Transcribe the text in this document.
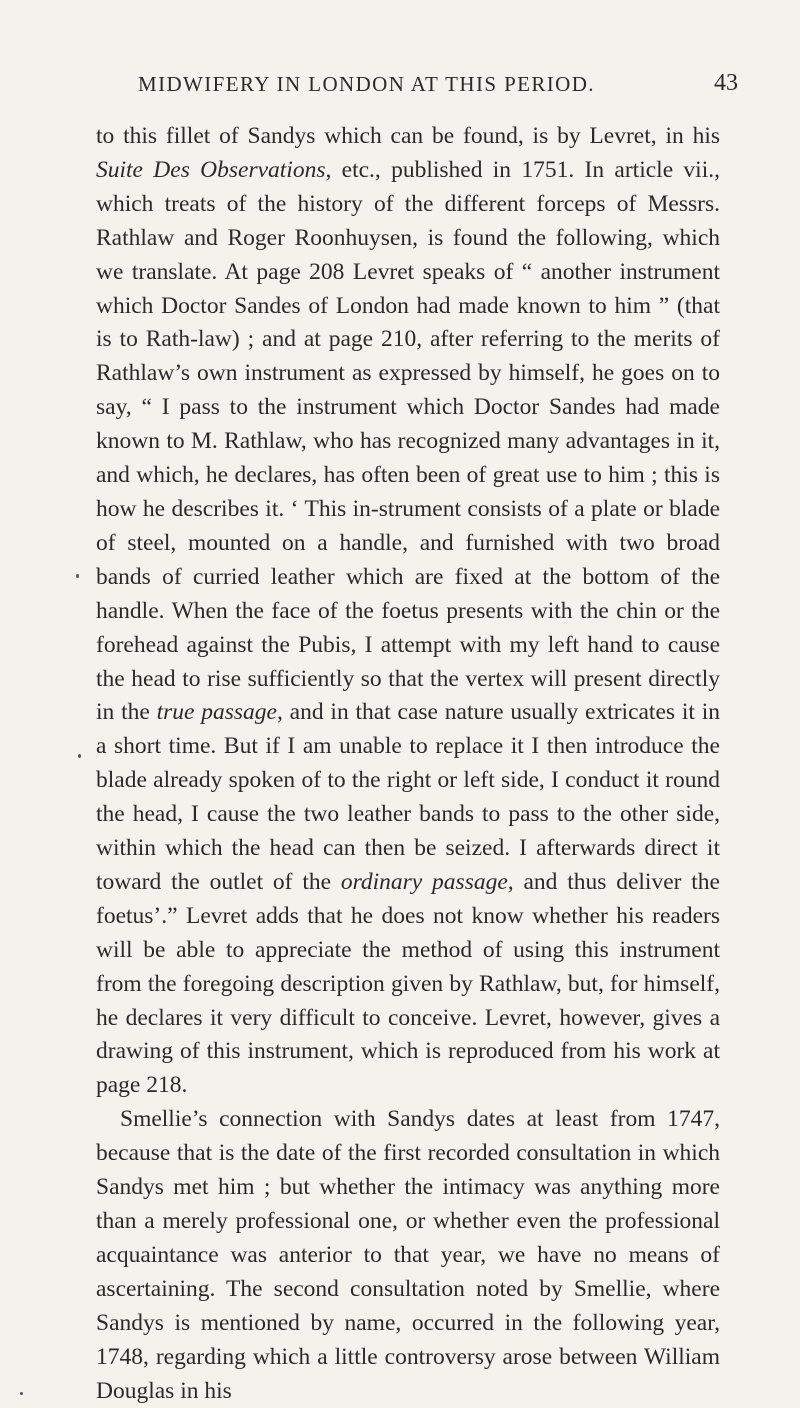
MIDWIFERY IN LONDON AT THIS PERIOD.	43

to this fillet of Sandys which can be found, is by Levret, in his Suite Des Observations, etc., published in 1751. In article vii., which treats of the history of the different forceps of Messrs. Rathlaw and Roger Roonhuysen, is found the following, which we translate. At page 208 Levret speaks of “ another instrument which Doctor Sandes of London had made known to him ” (that is to Rath-law) ; and at page 210, after referring to the merits of Rathlaw’s own instrument as expressed by himself, he goes on to say, “ I pass to the instrument which Doctor Sandes had made known to M. Rathlaw, who has recognized many advantages in it, and which, he declares, has often been of great use to him ; this is how he describes it. ‘ This in-strument consists of a plate or blade of steel, mounted on a handle, and furnished with two broad bands of curried leather which are fixed at the bottom of the handle. When the face of the foetus presents with the chin or the forehead against the Pubis, I attempt with my left hand to cause the head to rise sufficiently so that the vertex will present directly in the true passage, and in that case nature usually extricates it in a short time. But if I am unable to replace it I then introduce the blade already spoken of to the right or left side, I conduct it round the head, I cause the two leather bands to pass to the other side, within which the head can then be seized. I afterwards direct it toward the outlet of the ordinary passage, and thus deliver the foetus’.” Levret adds that he does not know whether his readers will be able to appreciate the method of using this instrument from the foregoing description given by Rathlaw, but, for himself, he declares it very difficult to conceive. Levret, however, gives a drawing of this instrument, which is reproduced from his work at page 218.

Smellie’s connection with Sandys dates at least from 1747, because that is the date of the first recorded consultation in which Sandys met him ; but whether the intimacy was anything more than a merely professional one, or whether even the professional acquaintance was anterior to that year, we have no means of ascertaining. The second consultation noted by Smellie, where Sandys is mentioned by name, occurred in the following year, 1748, regarding which a little controversy arose between William Douglas in his
